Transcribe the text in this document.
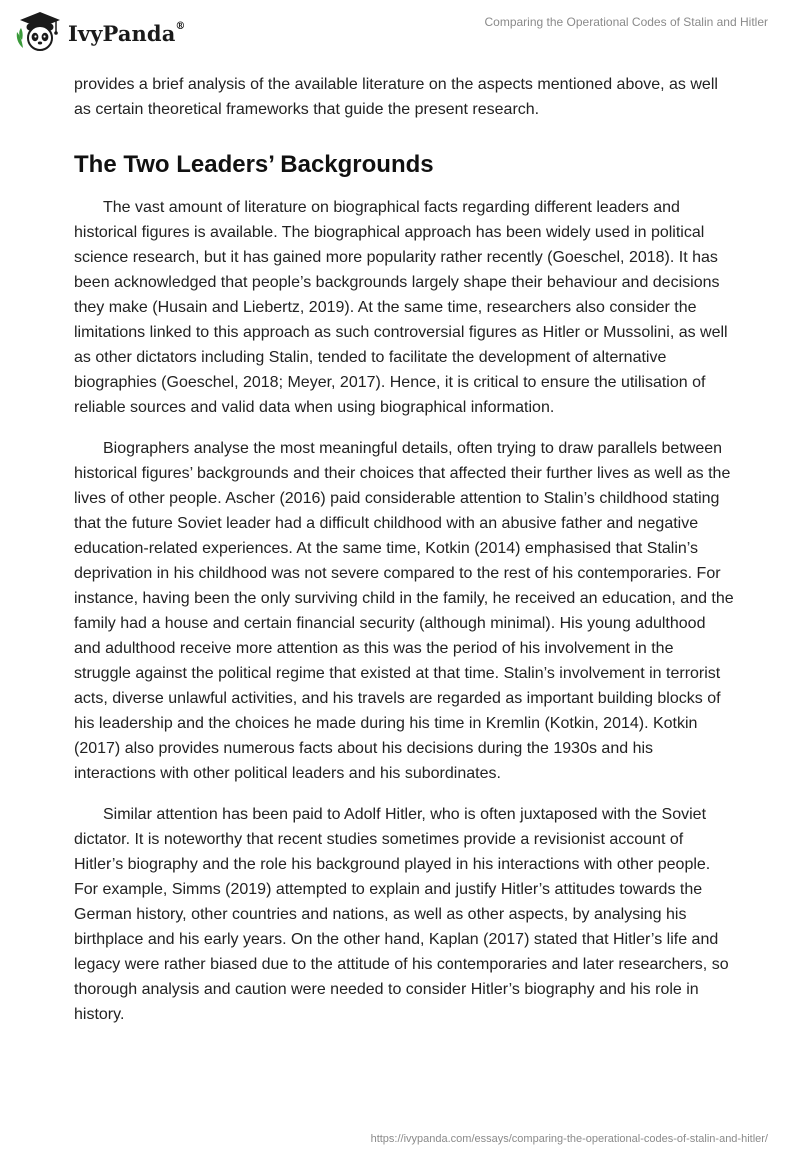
IvyPanda®	Comparing the Operational Codes of Stalin and Hitler

provides a brief analysis of the available literature on the aspects mentioned above, as well as certain theoretical frameworks that guide the present research.

The Two Leaders’ Backgrounds

The vast amount of literature on biographical facts regarding different leaders and historical figures is available. The biographical approach has been widely used in political science research, but it has gained more popularity rather recently (Goeschel, 2018). It has been acknowledged that people’s backgrounds largely shape their behaviour and decisions they make (Husain and Liebertz, 2019). At the same time, researchers also consider the limitations linked to this approach as such controversial figures as Hitler or Mussolini, as well as other dictators including Stalin, tended to facilitate the development of alternative biographies (Goeschel, 2018; Meyer, 2017). Hence, it is critical to ensure the utilisation of reliable sources and valid data when using biographical information.

Biographers analyse the most meaningful details, often trying to draw parallels between historical figures’ backgrounds and their choices that affected their further lives as well as the lives of other people. Ascher (2016) paid considerable attention to Stalin’s childhood stating that the future Soviet leader had a difficult childhood with an abusive father and negative education-related experiences. At the same time, Kotkin (2014) emphasised that Stalin’s deprivation in his childhood was not severe compared to the rest of his contemporaries. For instance, having been the only surviving child in the family, he received an education, and the family had a house and certain financial security (although minimal). His young adulthood and adulthood receive more attention as this was the period of his involvement in the struggle against the political regime that existed at that time. Stalin’s involvement in terrorist acts, diverse unlawful activities, and his travels are regarded as important building blocks of his leadership and the choices he made during his time in Kremlin (Kotkin, 2014). Kotkin (2017) also provides numerous facts about his decisions during the 1930s and his interactions with other political leaders and his subordinates.

Similar attention has been paid to Adolf Hitler, who is often juxtaposed with the Soviet dictator. It is noteworthy that recent studies sometimes provide a revisionist account of Hitler’s biography and the role his background played in his interactions with other people. For example, Simms (2019) attempted to explain and justify Hitler’s attitudes towards the German history, other countries and nations, as well as other aspects, by analysing his birthplace and his early years. On the other hand, Kaplan (2017) stated that Hitler’s life and legacy were rather biased due to the attitude of his contemporaries and later researchers, so thorough analysis and caution were needed to consider Hitler’s biography and his role in history.

https://ivypanda.com/essays/comparing-the-operational-codes-of-stalin-and-hitler/
